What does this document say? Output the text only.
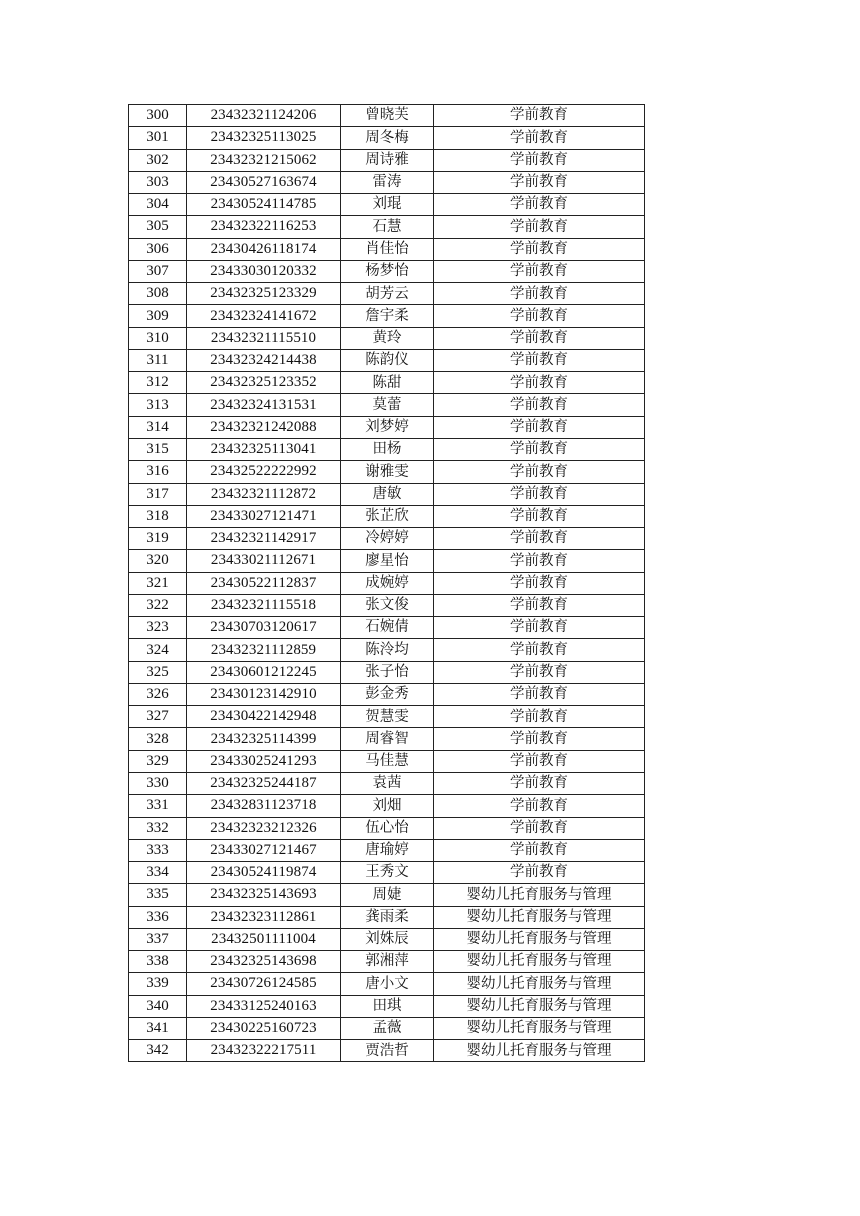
300	23432321124206	曾晓芙	学前教育
301	23432325113025	周冬梅	学前教育
302	23432321215062	周诗雅	学前教育
303	23430527163674	雷涛	学前教育
304	23430524114785	刘琨	学前教育
305	23432322116253	石慧	学前教育
306	23430426118174	肖佳怡	学前教育
307	23433030120332	杨梦怡	学前教育
308	23432325123329	胡芳云	学前教育
309	23432324141672	詹宇柔	学前教育
310	23432321115510	黄玲	学前教育
311	23432324214438	陈韵仪	学前教育
312	23432325123352	陈甜	学前教育
313	23432324131531	莫蕾	学前教育
314	23432321242088	刘梦婷	学前教育
315	23432325113041	田杨	学前教育
316	23432522222992	谢雅雯	学前教育
317	23432321112872	唐敏	学前教育
318	23433027121471	张芷欣	学前教育
319	23432321142917	冷婷婷	学前教育
320	23433021112671	廖星怡	学前教育
321	23430522112837	成婉婷	学前教育
322	23432321115518	张文俊	学前教育
323	23430703120617	石婉倩	学前教育
324	23432321112859	陈泠均	学前教育
325	23430601212245	张子怡	学前教育
326	23430123142910	彭金秀	学前教育
327	23430422142948	贺慧雯	学前教育
328	23432325114399	周睿智	学前教育
329	23433025241293	马佳慧	学前教育
330	23432325244187	袁茜	学前教育
331	23432831123718	刘畑	学前教育
332	23432323212326	伍心怡	学前教育
333	23433027121467	唐瑜婷	学前教育
334	23430524119874	王秀文	学前教育
335	23432325143693	周婕	婴幼儿托育服务与管理
336	23432323112861	龚雨柔	婴幼儿托育服务与管理
337	23432501111004	刘姝辰	婴幼儿托育服务与管理
338	23432325143698	郭湘萍	婴幼儿托育服务与管理
339	23430726124585	唐小文	婴幼儿托育服务与管理
340	23433125240163	田琪	婴幼儿托育服务与管理
341	23430225160723	孟薇	婴幼儿托育服务与管理
342	23432322217511	贾浩哲	婴幼儿托育服务与管理
